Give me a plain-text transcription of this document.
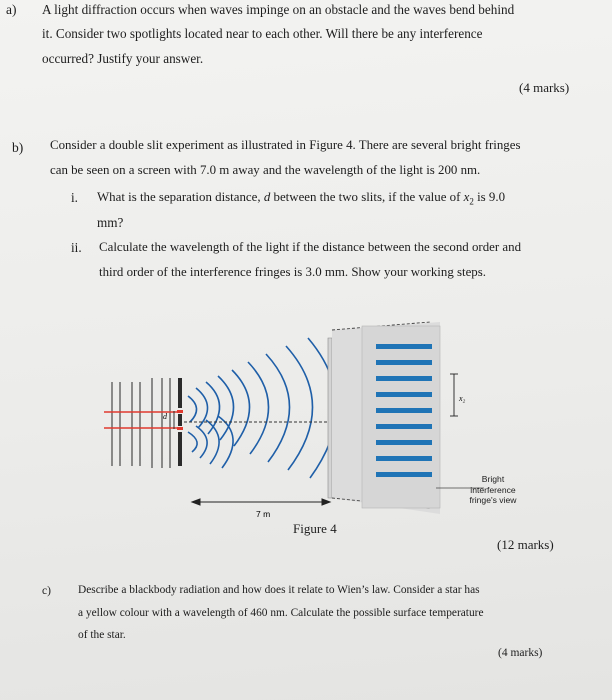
a) A light diffraction occurs when waves impinge on an obstacle and the waves bend behind
it. Consider two spotlights located near to each other. Will there be any interference
occurred? Justify your answer.
(4 marks)
b) Consider a double slit experiment as illustrated in Figure 4. There are several bright fringes
can be seen on a screen with 7.0 m away and the wavelength of the light is 200 nm.
i. What is the separation distance, d between the two slits, if the value of $x_2$ is 9.0
mm?
ii. Calculate the wavelength of the light if the distance between the second order and
third order of the interference fringes is 3.0 mm. Show your working steps.
d
x₂
7 m
Bright
interference
fringe's view
Figure 4
(12 marks)
c) Describe a blackbody radiation and how does it relate to Wien’s law. Consider a star has
a yellow colour with a wavelength of 460 nm. Calculate the possible surface temperature
of the star.
(4 marks)
